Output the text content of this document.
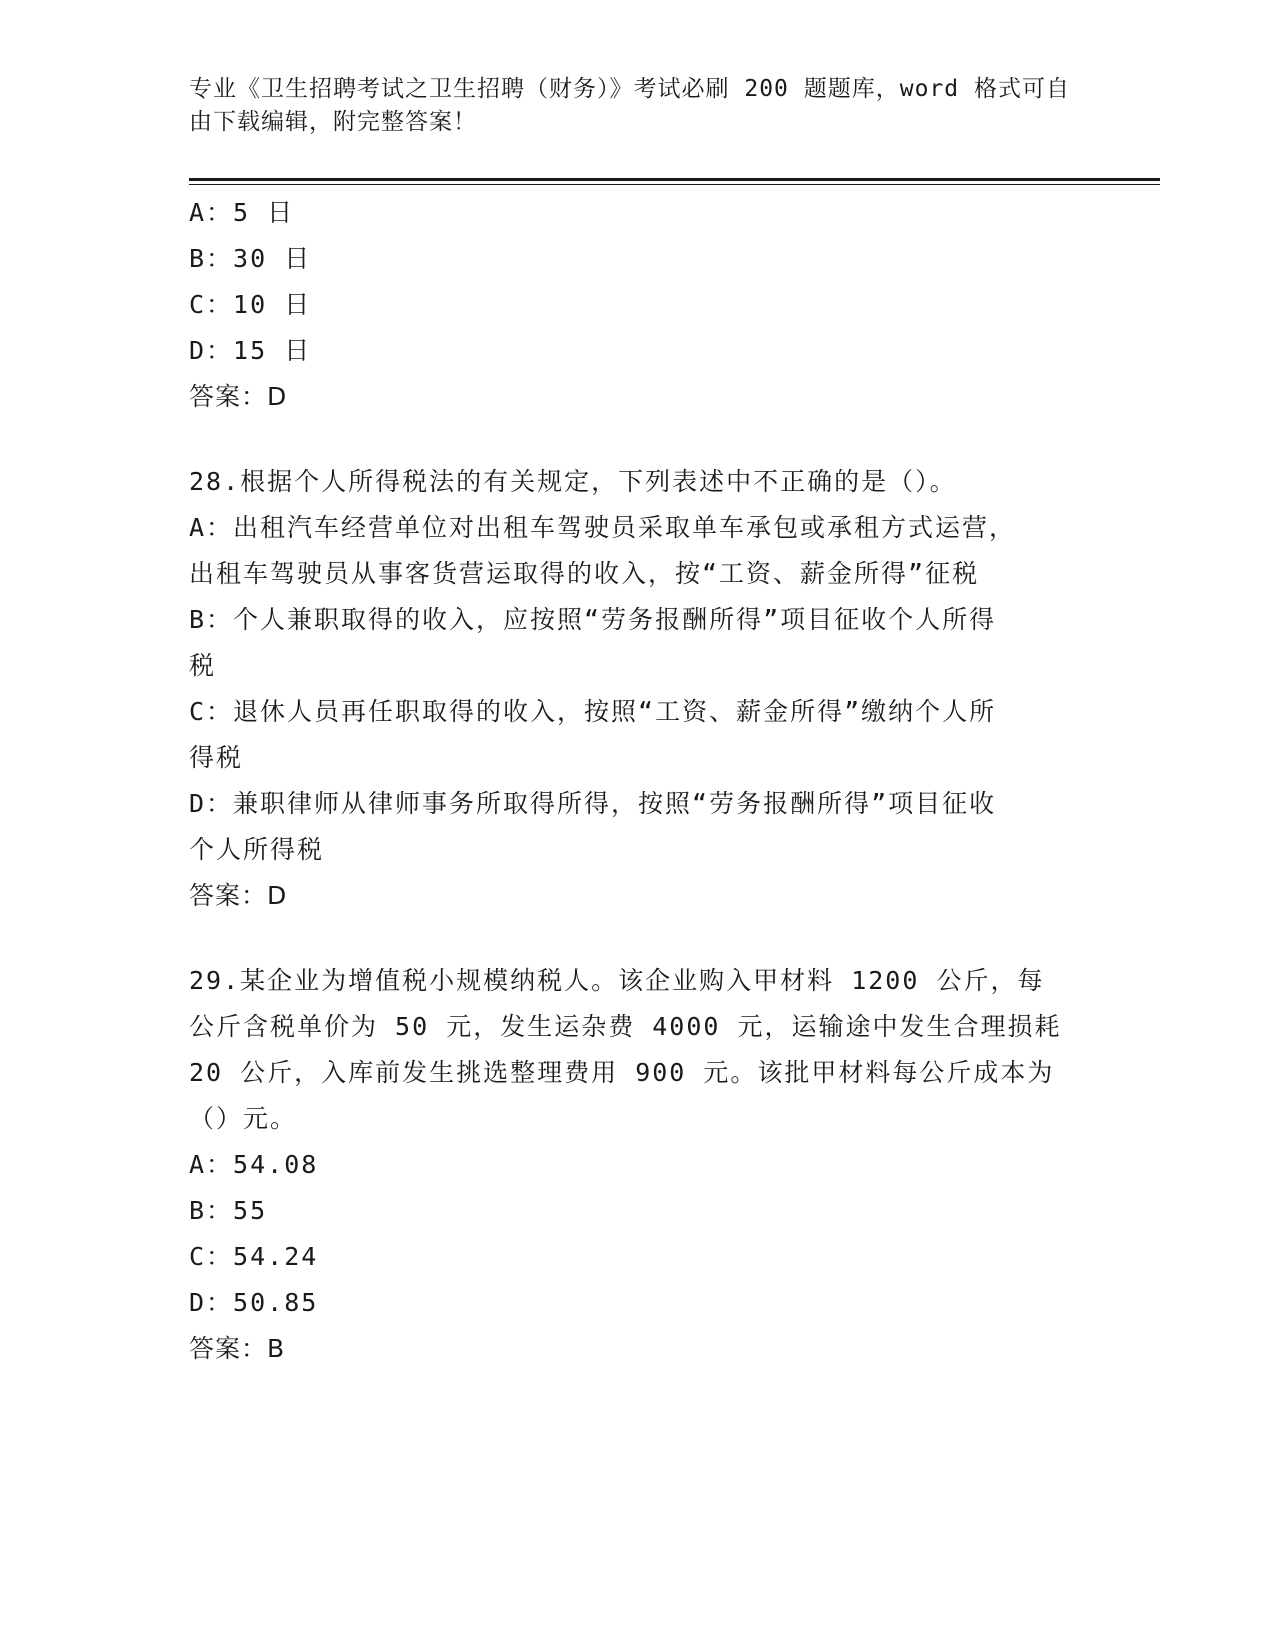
专业《卫生招聘考试之卫生招聘（财务）》考试必刷 200 题题库，word 格式可自
由下载编辑，附完整答案！
A：5 日
B：30 日
C：10 日
D：15 日
答案：D
28.根据个人所得税法的有关规定，下列表述中不正确的是（）。
A：出租汽车经营单位对出租车驾驶员采取单车承包或承租方式运营，
出租车驾驶员从事客货营运取得的收入，按“工资、薪金所得”征税
B：个人兼职取得的收入，应按照“劳务报酬所得”项目征收个人所得
税
C：退休人员再任职取得的收入，按照“工资、薪金所得”缴纳个人所
得税
D：兼职律师从律师事务所取得所得，按照“劳务报酬所得”项目征收
个人所得税
答案：D
29.某企业为增值税小规模纳税人。该企业购入甲材料 1200 公斤，每
公斤含税单价为 50 元，发生运杂费 4000 元，运输途中发生合理损耗
20 公斤，入库前发生挑选整理费用 900 元。该批甲材料每公斤成本为
（）元。
A：54.08
B：55
C：54.24
D：50.85
答案：B
